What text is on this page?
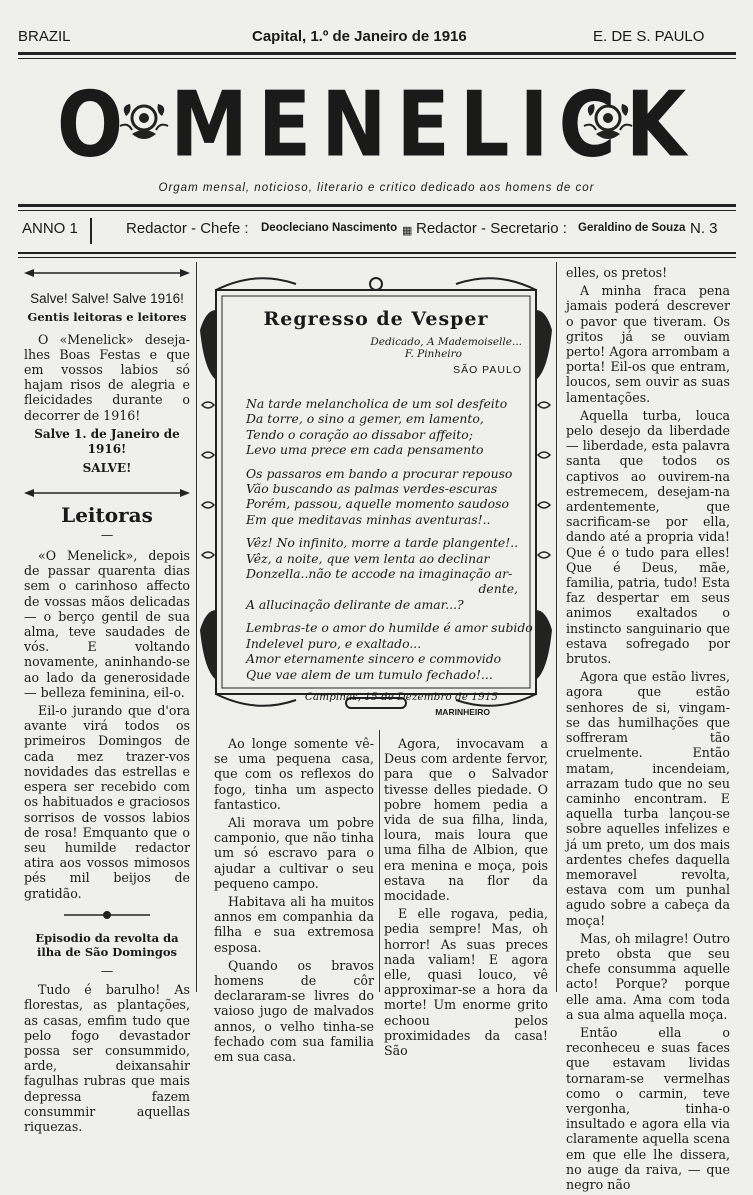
BRAZIL	Capital, 1.º de Janeiro de 1916	E. DE S. PAULO
O MENELICK
Orgam mensal, noticioso, literario e critico dedicado aos homens de cor
ANNO 1	Redactor - Chefe : Deocleciano Nascimento ▦ Redactor - Secretario : Geraldino de Souza N. 3
Salve! Salve! Salve 1916!
Gentis leitoras e leitores

O «Menelick» deseja-lhes Boas Festas e que em vossos labios só hajam risos de alegria e fleicidades durante o decorrer de 1916!

Salve 1. de Janeiro de 1916!
SALVE!
Leitoras
—

«O Menelick», depois de passar quarenta dias sem o carinhoso affecto de vossas mãos delicadas — o berço gentil de sua alma, teve saudades de vós. E voltando novamente, aninhando-se ao lado da generosidade — belleza feminina, eil-o.

Eil-o jurando que d'ora avante virá todos os primeiros Domingos de cada mez trazer-vos novidades das estrellas e espera ser recebido com os habituados e graciosos sorrisos de vossos labios de rosa! Emquanto que o seu humilde redactor atira aos vossos mimosos pés mil beijos de gratidão.

Episodio da revolta da ilha de São Domingos
—

Tudo é barulho! As florestas, as plantações, as casas, emfim tudo que pelo fogo devastador possa ser consummido, arde, deixansahir fagulhas rubras que mais depressa fazem consummir aquellas riquezas.

Regresso de Vesper
Dedicado, A Mademoiselle...
F. Pinheiro
SÃO PAULO
Na tarde melancholica de um sol desfeito
Da torre, o sino a gemer, em lamento,
Tendo o coração ao dissabor affeito;
Levo uma prece em cada pensamento
Os passaros em bando a procurar repouso
Vão buscando as palmas verdes-escuras
Porém, passou, aquelle momento saudoso
Em que meditavas minhas aventuras!..
Vêz! No infinito, morre a tarde plangente!..
Vêz, a noite, que vem lenta ao declinar
Donzella..não te accode na imaginação ar-
dente,
A allucinação delirante de amar...?
Lembras-te o amor do humilde é amor subido
Indelevel puro, e exaltado...
Amor eternamente sincero e commovido
Que vae alem de um tumulo fechado!...
Campinas, 15 de Dezembro de 1915
MARINHEIRO

Ao longe somente vê-se uma pequena casa, que com os reflexos do fogo, tinha um aspecto fantastico.

Ali morava um pobre camponio, que não tinha um só escravo para o ajudar a cultivar o seu pequeno campo.

Habitava ali ha muitos annos em companhia da filha e sua extremosa esposa.

Quando os bravos homens de côr declararam-se livres do vaioso jugo de malvados annos, o velho tinha-se fechado com sua familia em sua casa.

Agora, invocavam a Deus com ardente fervor, para que o Salvador tivesse delles piedade. O pobre homem pedia a vida de sua filha, linda, loura, mais loura que uma filha de Albion, que era menina e moça, pois estava na flor da mocidade.

E elle rogava, pedia, pedia sempre! Mas, oh horror! As suas preces nada valiam! E agora elle, quasi louco, vê approximar-se a hora da morte! Um enorme grito echoou pelos proximidades da casa! São

elles, os pretos!

A minha fraca pena jamais poderá descrever o pavor que tiveram. Os gritos já se ouviam perto! Agora arrombam a porta! Eil-os que entram, loucos, sem ouvir as suas lamentações.

Aquella turba, louca pelo desejo da liberdade — liberdade, esta palavra santa que todos os captivos ao ouvirem-na estremecem, desejam-na ardentemente, que sacrificam-se por ella, dando até a propria vida! Que é o tudo para elles! Que é Deus, mãe, familia, patria, tudo! Esta faz despertar em seus animos exaltados o instincto sanguinario que estava sofregado por brutos.

Agora que estão livres, agora que estão senhores de si, vingam-se das humilhações que soffreram tão cruelmente. Então matam, incendeiam, arrazam tudo que no seu caminho encontram. E aquella turba lançou-se sobre aquelles infelizes e já um preto, um dos mais ardentes chefes daquella memoravel revolta, estava com um punhal agudo sobre a cabeça da moça!

Mas, oh milagre! Outro preto obsta que seu chefe consumma aquelle acto! Porque? porque elle ama. Ama com toda a sua alma aquella moça.

Então ella o reconheceu e suas faces que estavam lividas tornaram-se vermelhas como o carmin, teve vergonha, tinha-o insultado e agora ella via claramente aquella scena em que elle lhe dissera, no auge da raiva, — que negro não
